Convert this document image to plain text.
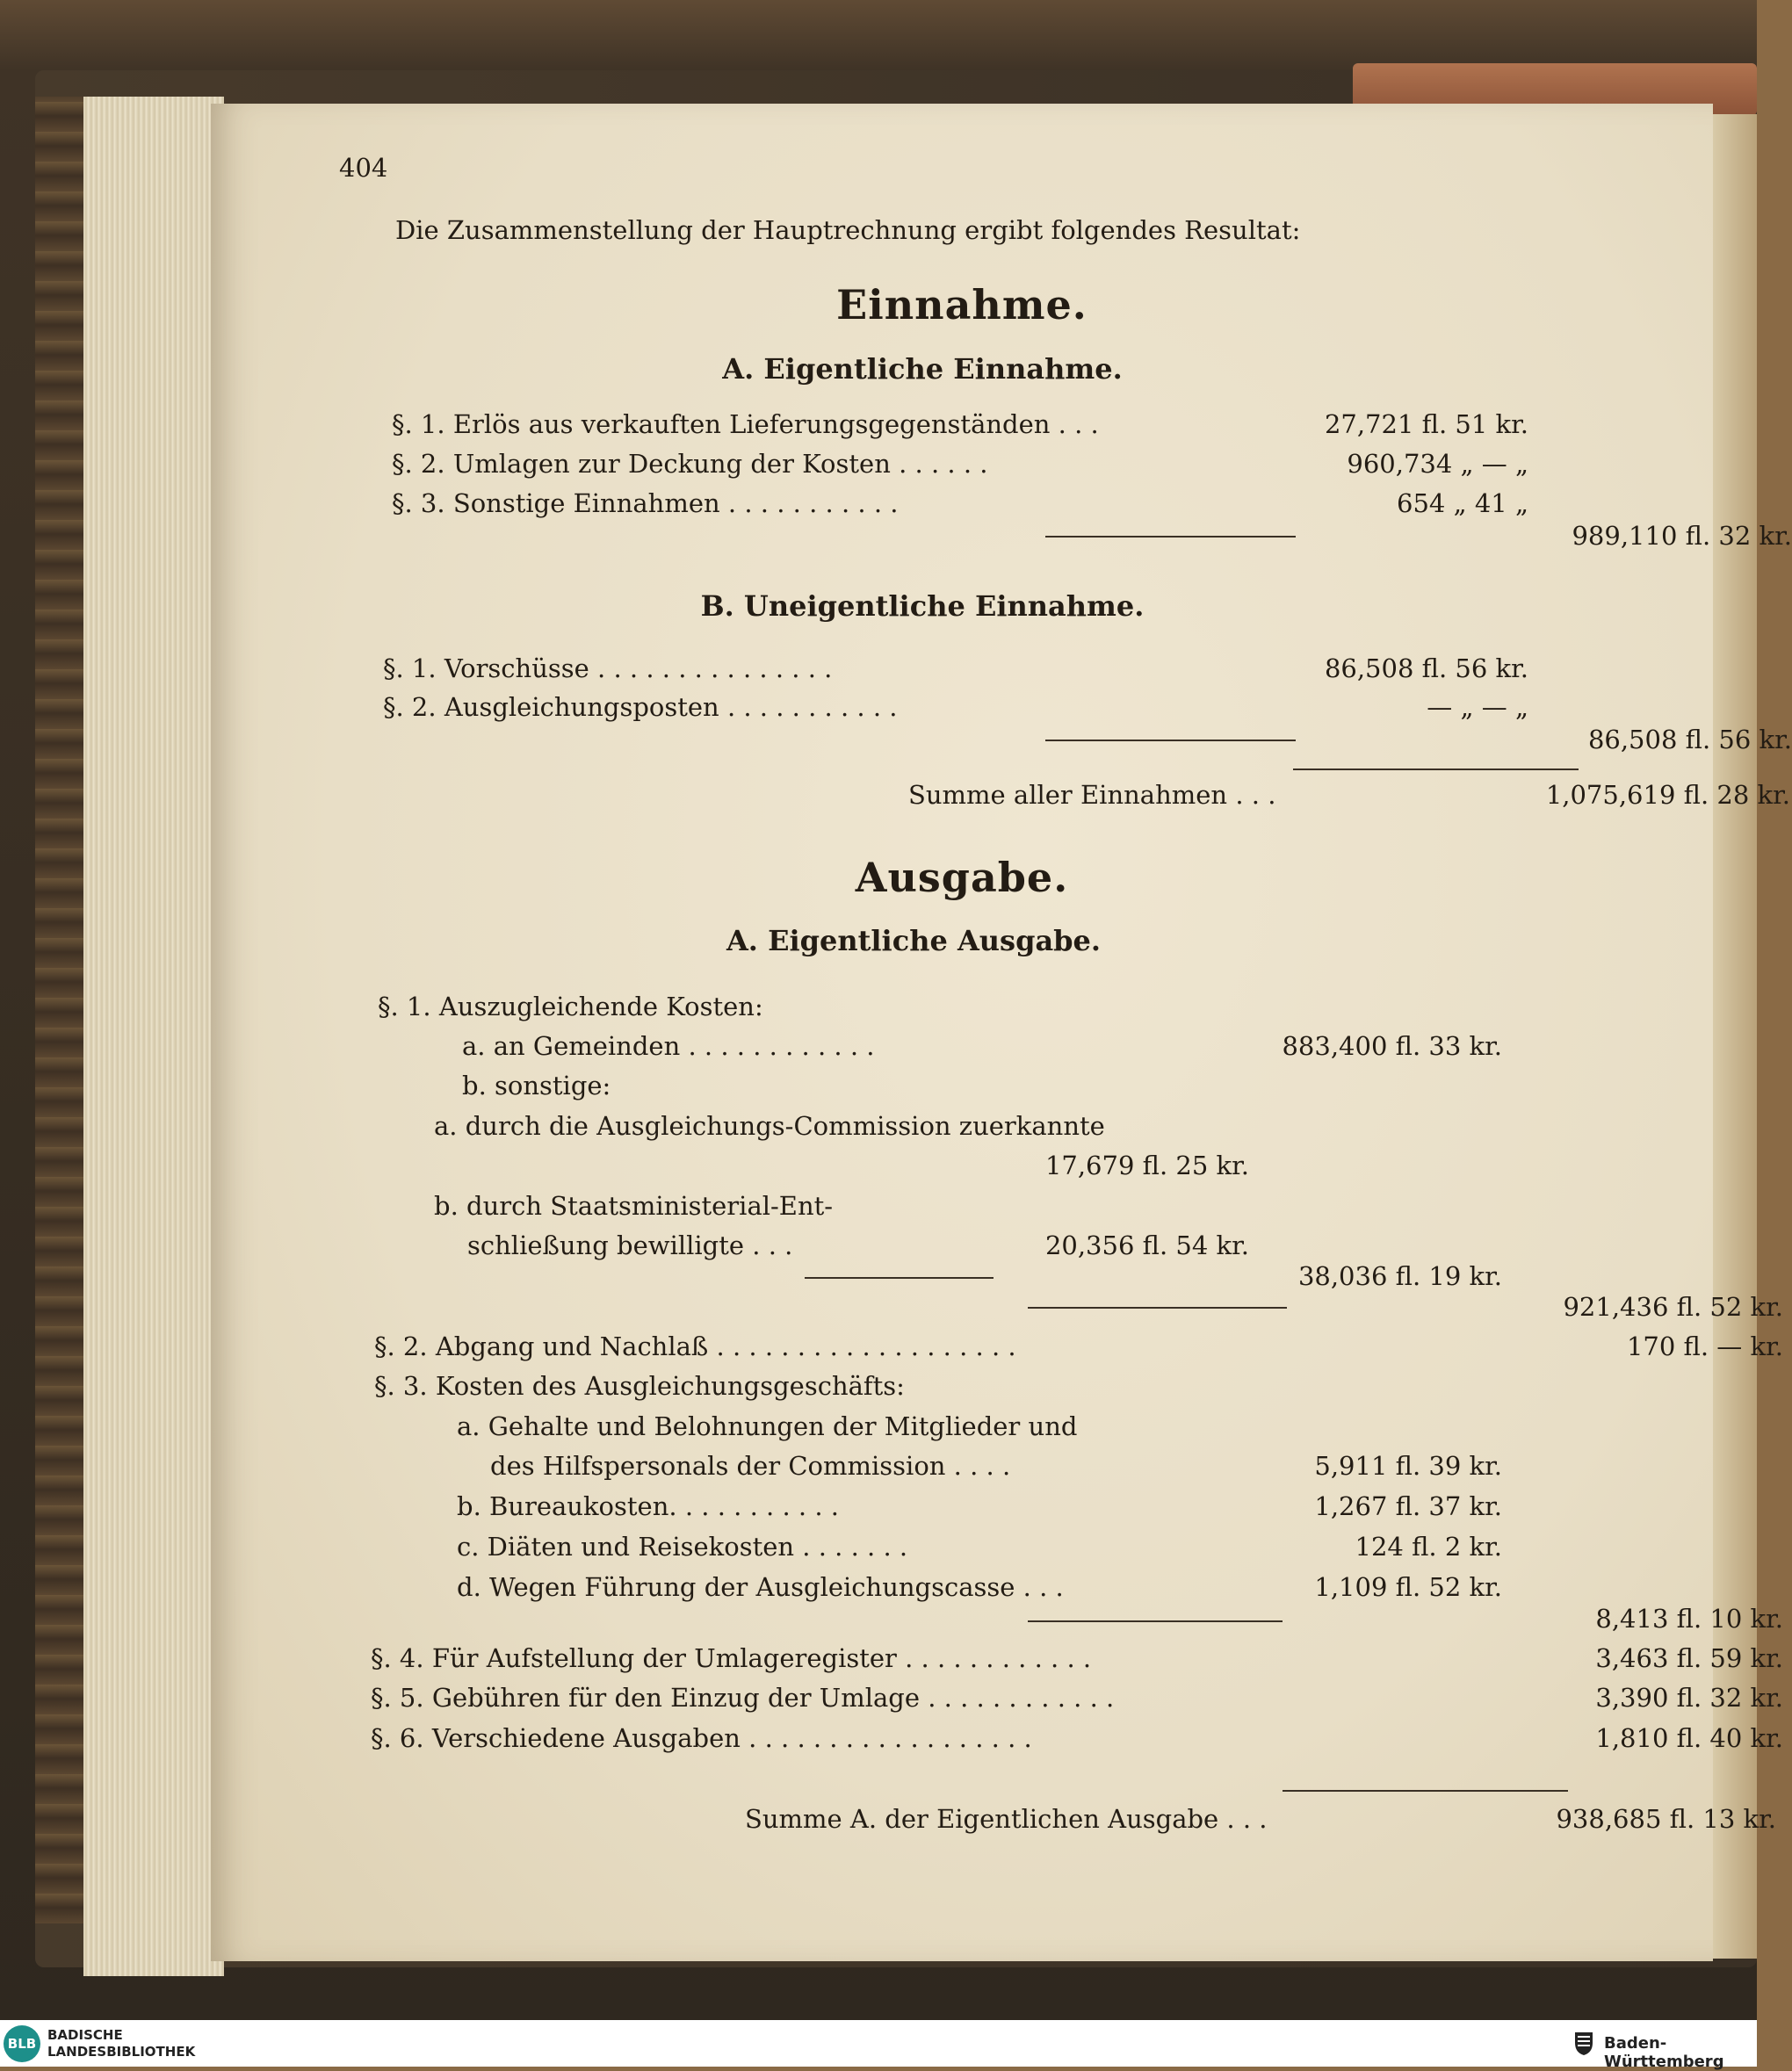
404
Die Zusammenstellung der Hauptrechnung ergibt folgendes Resultat:
Einnahme.
A. Eigentliche Einnahme.
§. 1. Erlös aus verkauften Lieferungsgegenständen . . .	27,721 fl. 51 kr.
§. 2. Umlagen zur Deckung der Kosten . . . . . .	960,734 „ — „
§. 3. Sonstige Einnahmen . . . . . . . . . . .	654 „ 41 „
989,110 fl. 32 kr.
B. Uneigentliche Einnahme.
§. 1. Vorschüsse . . . . . . . . . . . . . . .	86,508 fl. 56 kr.
§. 2. Ausgleichungsposten . . . . . . . . . . .	— „ — „
86,508 fl. 56 kr.
Summe aller Einnahmen . . .	1,075,619 fl. 28 kr.
Ausgabe.
A. Eigentliche Ausgabe.
§. 1. Auszugleichende Kosten:
a. an Gemeinden . . . . . . . . . . . .	883,400 fl. 33 kr.
b. sonstige:
a. durch die Ausgleichungs-Commission zuerkannte
17,679 fl. 25 kr.
b. durch Staatsministerial-Ent-
schließung bewilligte . . .	20,356 fl. 54 kr.
38,036 fl. 19 kr.
921,436 fl. 52 kr.
§. 2. Abgang und Nachlaß . . . . . . . . . . . . . . . . . . .	170 fl. — kr.
§. 3. Kosten des Ausgleichungsgeschäfts:
a. Gehalte und Belohnungen der Mitglieder und
des Hilfspersonals der Commission . . . .	5,911 fl. 39 kr.
b. Bureaukosten. . . . . . . . . . .	1,267 fl. 37 kr.
c. Diäten und Reisekosten . . . . . . .	124 fl. 2 kr.
d. Wegen Führung der Ausgleichungscasse . . .	1,109 fl. 52 kr.
8,413 fl. 10 kr.
§. 4. Für Aufstellung der Umlageregister . . . . . . . . . . . .	3,463 fl. 59 kr.
§. 5. Gebühren für den Einzug der Umlage . . . . . . . . . . . .	3,390 fl. 32 kr.
§. 6. Verschiedene Ausgaben . . . . . . . . . . . . . . . . . .	1,810 fl. 40 kr.
Summe A. der Eigentlichen Ausgabe . . .	938,685 fl. 13 kr.
BLB
BADISCHE
LANDESBIBLIOTHEK	Baden-Württemberg
